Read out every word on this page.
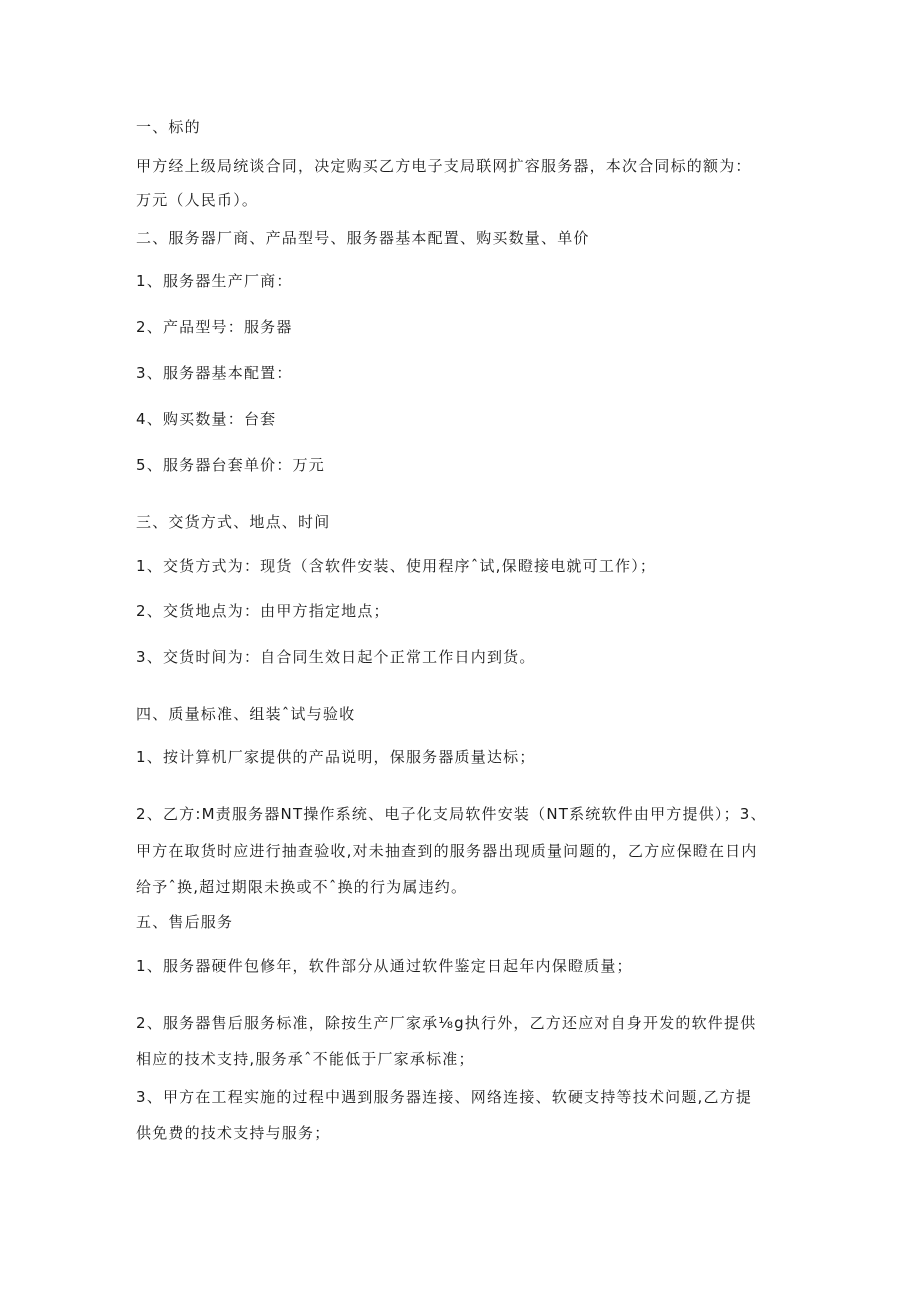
一、标的
甲方经上级局统谈合同，决定购买乙方电子支局联网扩容服务器，本次合同标的额为：
万元（人民币）。
二、服务器厂商、产品型号、服务器基本配置、购买数量、单价
1、服务器生产厂商：
2、产品型号：服务器
3、服务器基本配置：
4、购买数量：台套
5、服务器台套单价：万元
三、交货方式、地点、时间
1、交货方式为：现货（含软件安装、使用程序ˆ试,保瞪接电就可工作）；
2、交货地点为：由甲方指定地点；
3、交货时间为：自合同生效日起个正常工作日内到货。
四、质量标准、组装ˆ试与验收
1、按计算机厂家提供的产品说明，保服务器质量达标；
2、乙方:M责服务器NT操作系统、电子化支局软件安装（NT系统软件由甲方提供）；3、
甲方在取货时应进行抽查验收,对未抽查到的服务器出现质量问题的，乙方应保瞪在日内
给予ˆ换,超过期限未换或不ˆ换的行为属违约。
五、售后服务
1、服务器硬件包修年，软件部分从通过软件鉴定日起年内保瞪质量；
2、服务器售后服务标准，除按生产厂家承⅛g执行外，乙方还应对自身开发的软件提供
相应的技术支持,服务承ˆ不能低于厂家承标准；
3、甲方在工程实施的过程中遇到服务器连接、网络连接、软硬支持等技术问题,乙方提
供免费的技术支持与服务；
